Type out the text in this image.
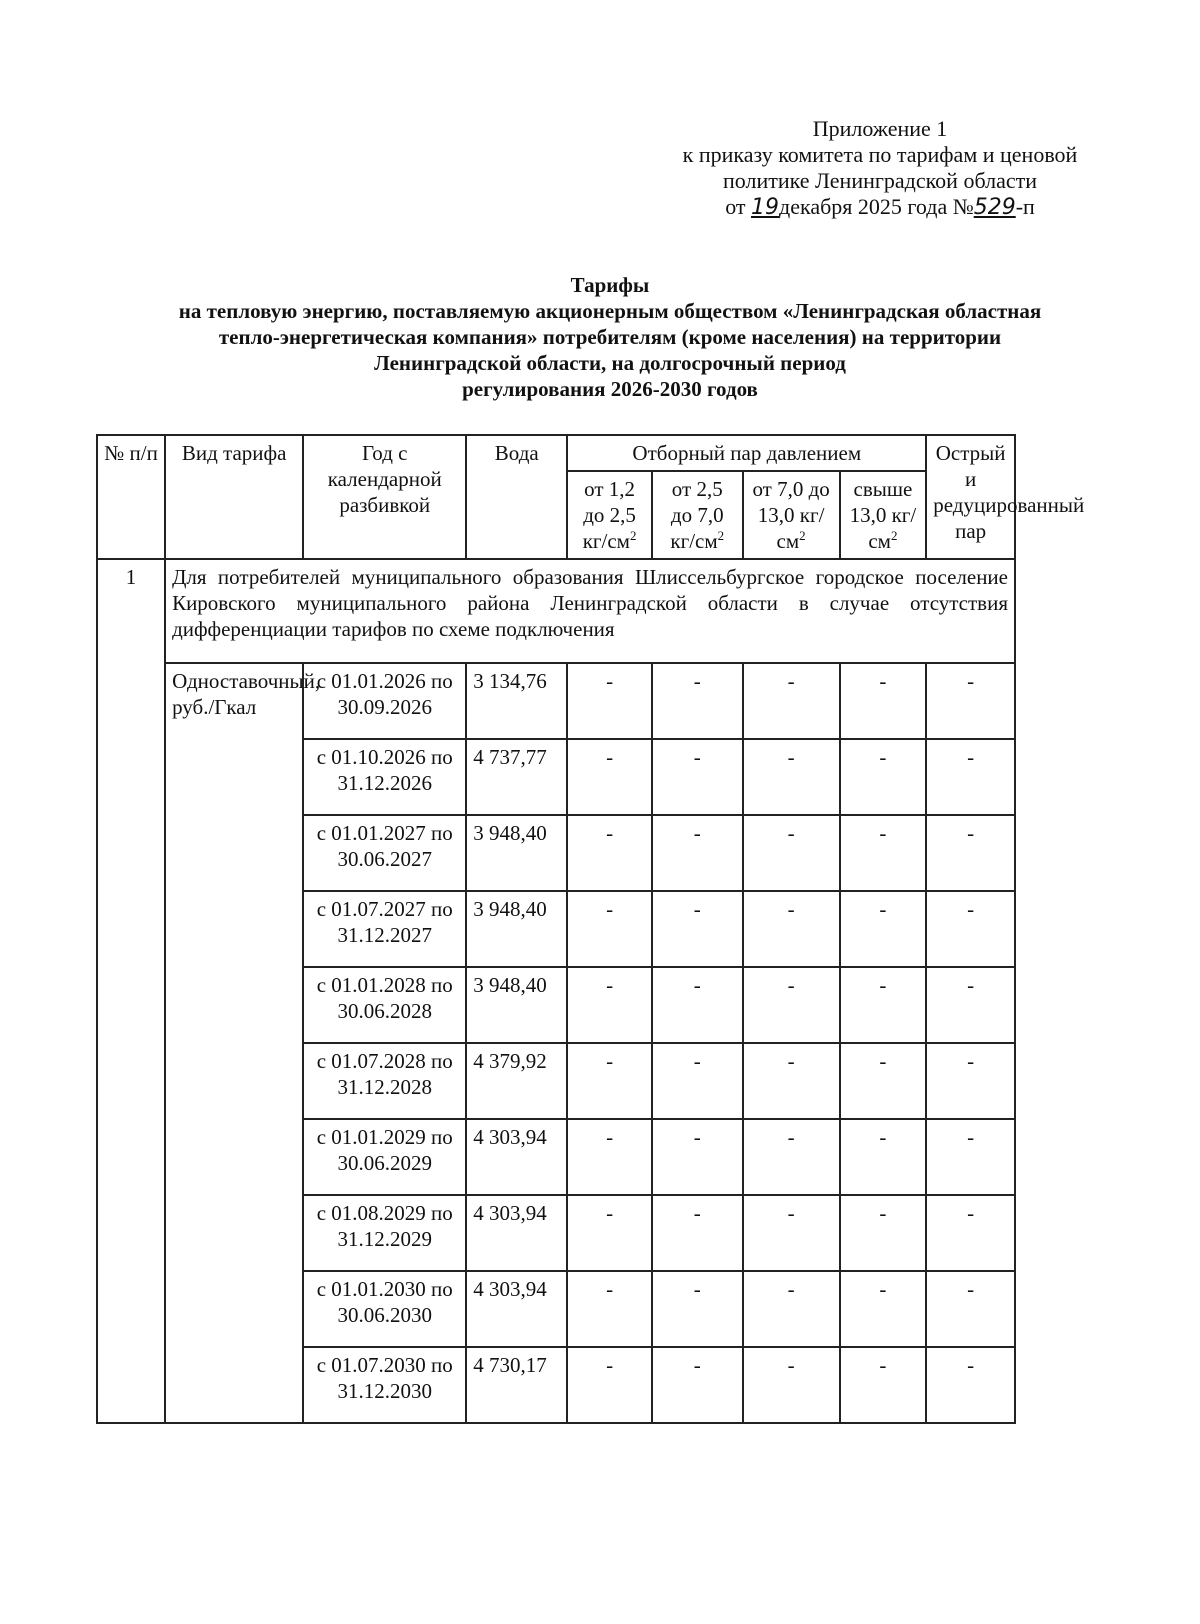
Приложение 1
к приказу комитета по тарифам и ценовой
политике Ленинградской области
от 19декабря 2025 года №529-п
Тарифы
на тепловую энергию, поставляемую акционерным обществом «Ленинградская областная
тепло-энергетическая компания» потребителям (кроме населения) на территории
Ленинградской области, на долгосрочный период
регулирования 2026-2030 годов
№ п/п	Вид тарифа	Год с календарной разбивкой	Вода	Отборный пар давлением				Острый и редуцированный пар
				от 1,2 до 2,5 $кг/см^2$	от 2,5 до 7,0 $кг/см^2$	от 7,0 до 13,0 $кг/см^2$	свыше 13,0 $кг/см^2$
1	Для потребителей муниципального образования Шлиссельбургское городское поселение Кировского муниципального района Ленинградской области в случае отсутствия дифференциации тарифов по схеме подключения							
	Одноставочный, руб./Гкал	с 01.01.2026 по 30.09.2026	3 134,76	-	-	-	-	-
		с 01.10.2026 по 31.12.2026	4 737,77	-	-	-	-	-
		с 01.01.2027 по 30.06.2027	3 948,40	-	-	-	-	-
		с 01.07.2027 по 31.12.2027	3 948,40	-	-	-	-	-
		с 01.01.2028 по 30.06.2028	3 948,40	-	-	-	-	-
		с 01.07.2028 по 31.12.2028	4 379,92	-	-	-	-	-
		с 01.01.2029 по 30.06.2029	4 303,94	-	-	-	-	-
		с 01.08.2029 по 31.12.2029	4 303,94	-	-	-	-	-
		с 01.01.2030 по 30.06.2030	4 303,94	-	-	-	-	-
		с 01.07.2030 по 31.12.2030	4 730,17	-	-	-	-	-
